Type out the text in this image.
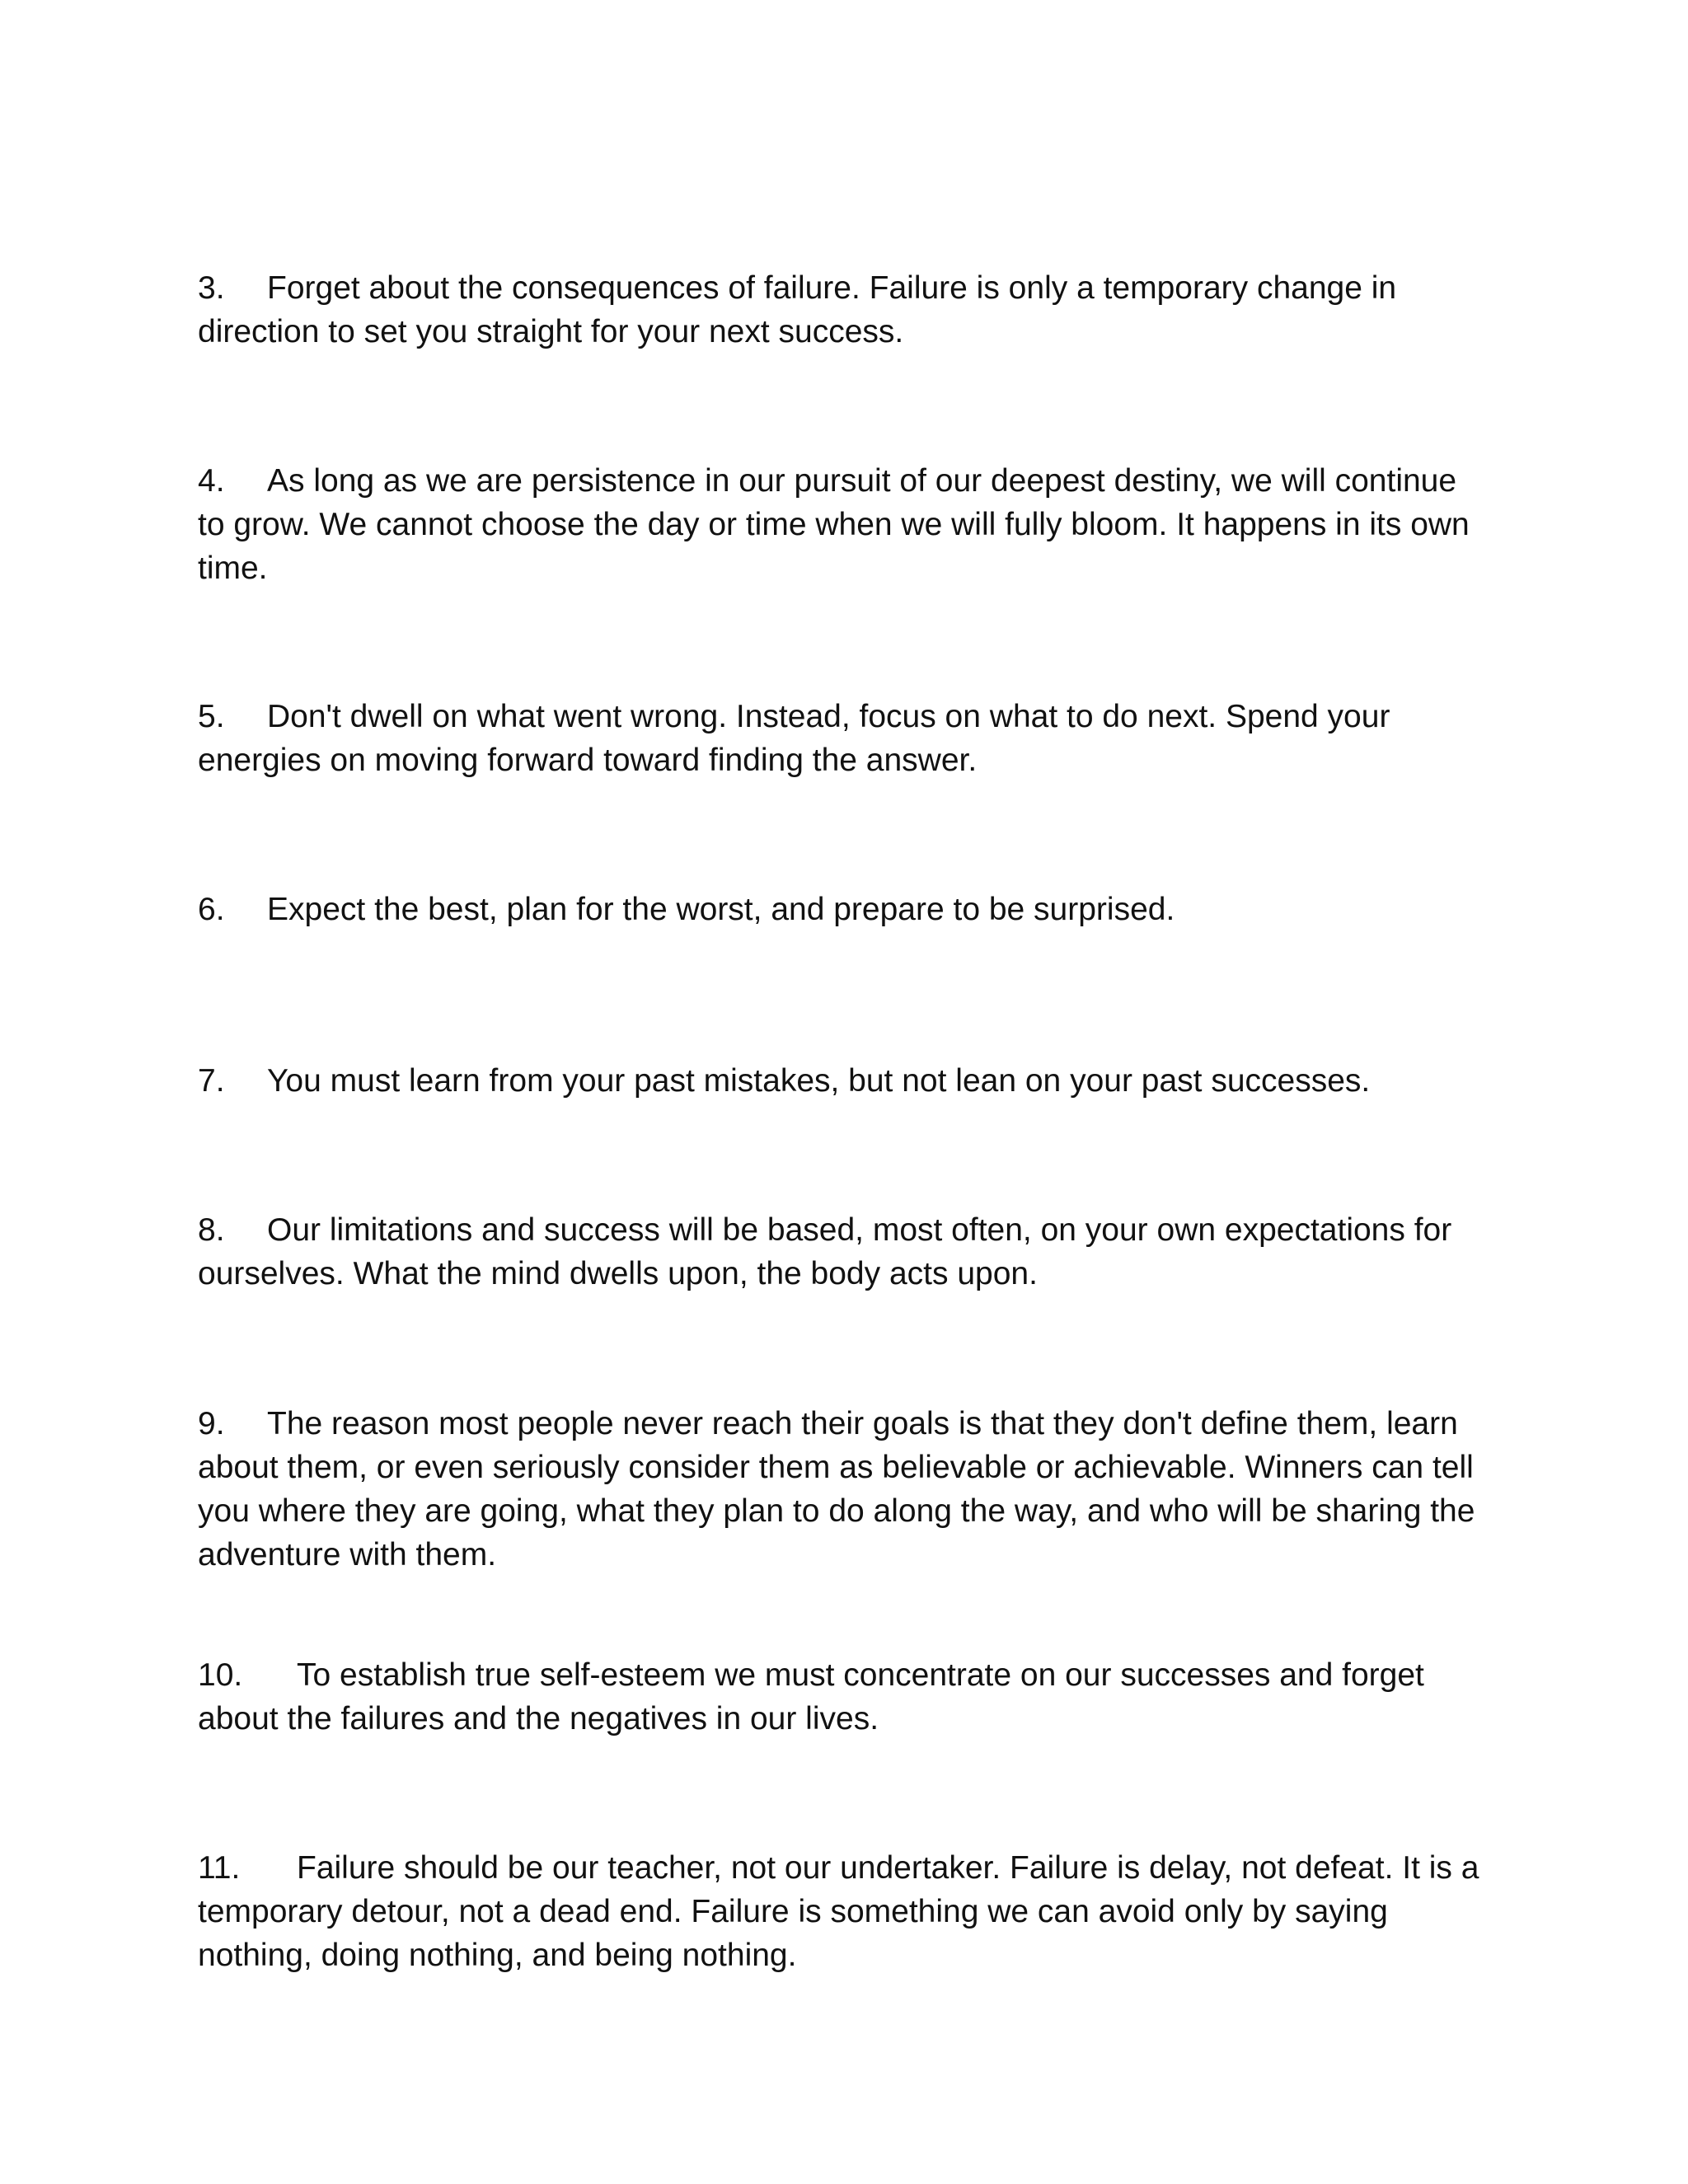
3. Forget about the consequences of failure. Failure is only a temporary change in direction to set you straight for your next success.

4. As long as we are persistence in our pursuit of our deepest destiny, we will continue to grow. We cannot choose the day or time when we will fully bloom. It happens in its own time.

5. Don't dwell on what went wrong. Instead, focus on what to do next. Spend your energies on moving forward toward finding the answer.

6. Expect the best, plan for the worst, and prepare to be surprised.

7. You must learn from your past mistakes, but not lean on your past successes.

8. Our limitations and success will be based, most often, on your own expectations for ourselves. What the mind dwells upon, the body acts upon.

9. The reason most people never reach their goals is that they don't define them, learn about them, or even seriously consider them as believable or achievable. Winners can tell you where they are going, what they plan to do along the way, and who will be sharing the adventure with them.

10. To establish true self-esteem we must concentrate on our successes and forget about the failures and the negatives in our lives.

11. Failure should be our teacher, not our undertaker. Failure is delay, not defeat. It is a temporary detour, not a dead end. Failure is something we can avoid only by saying nothing, doing nothing, and being nothing.
